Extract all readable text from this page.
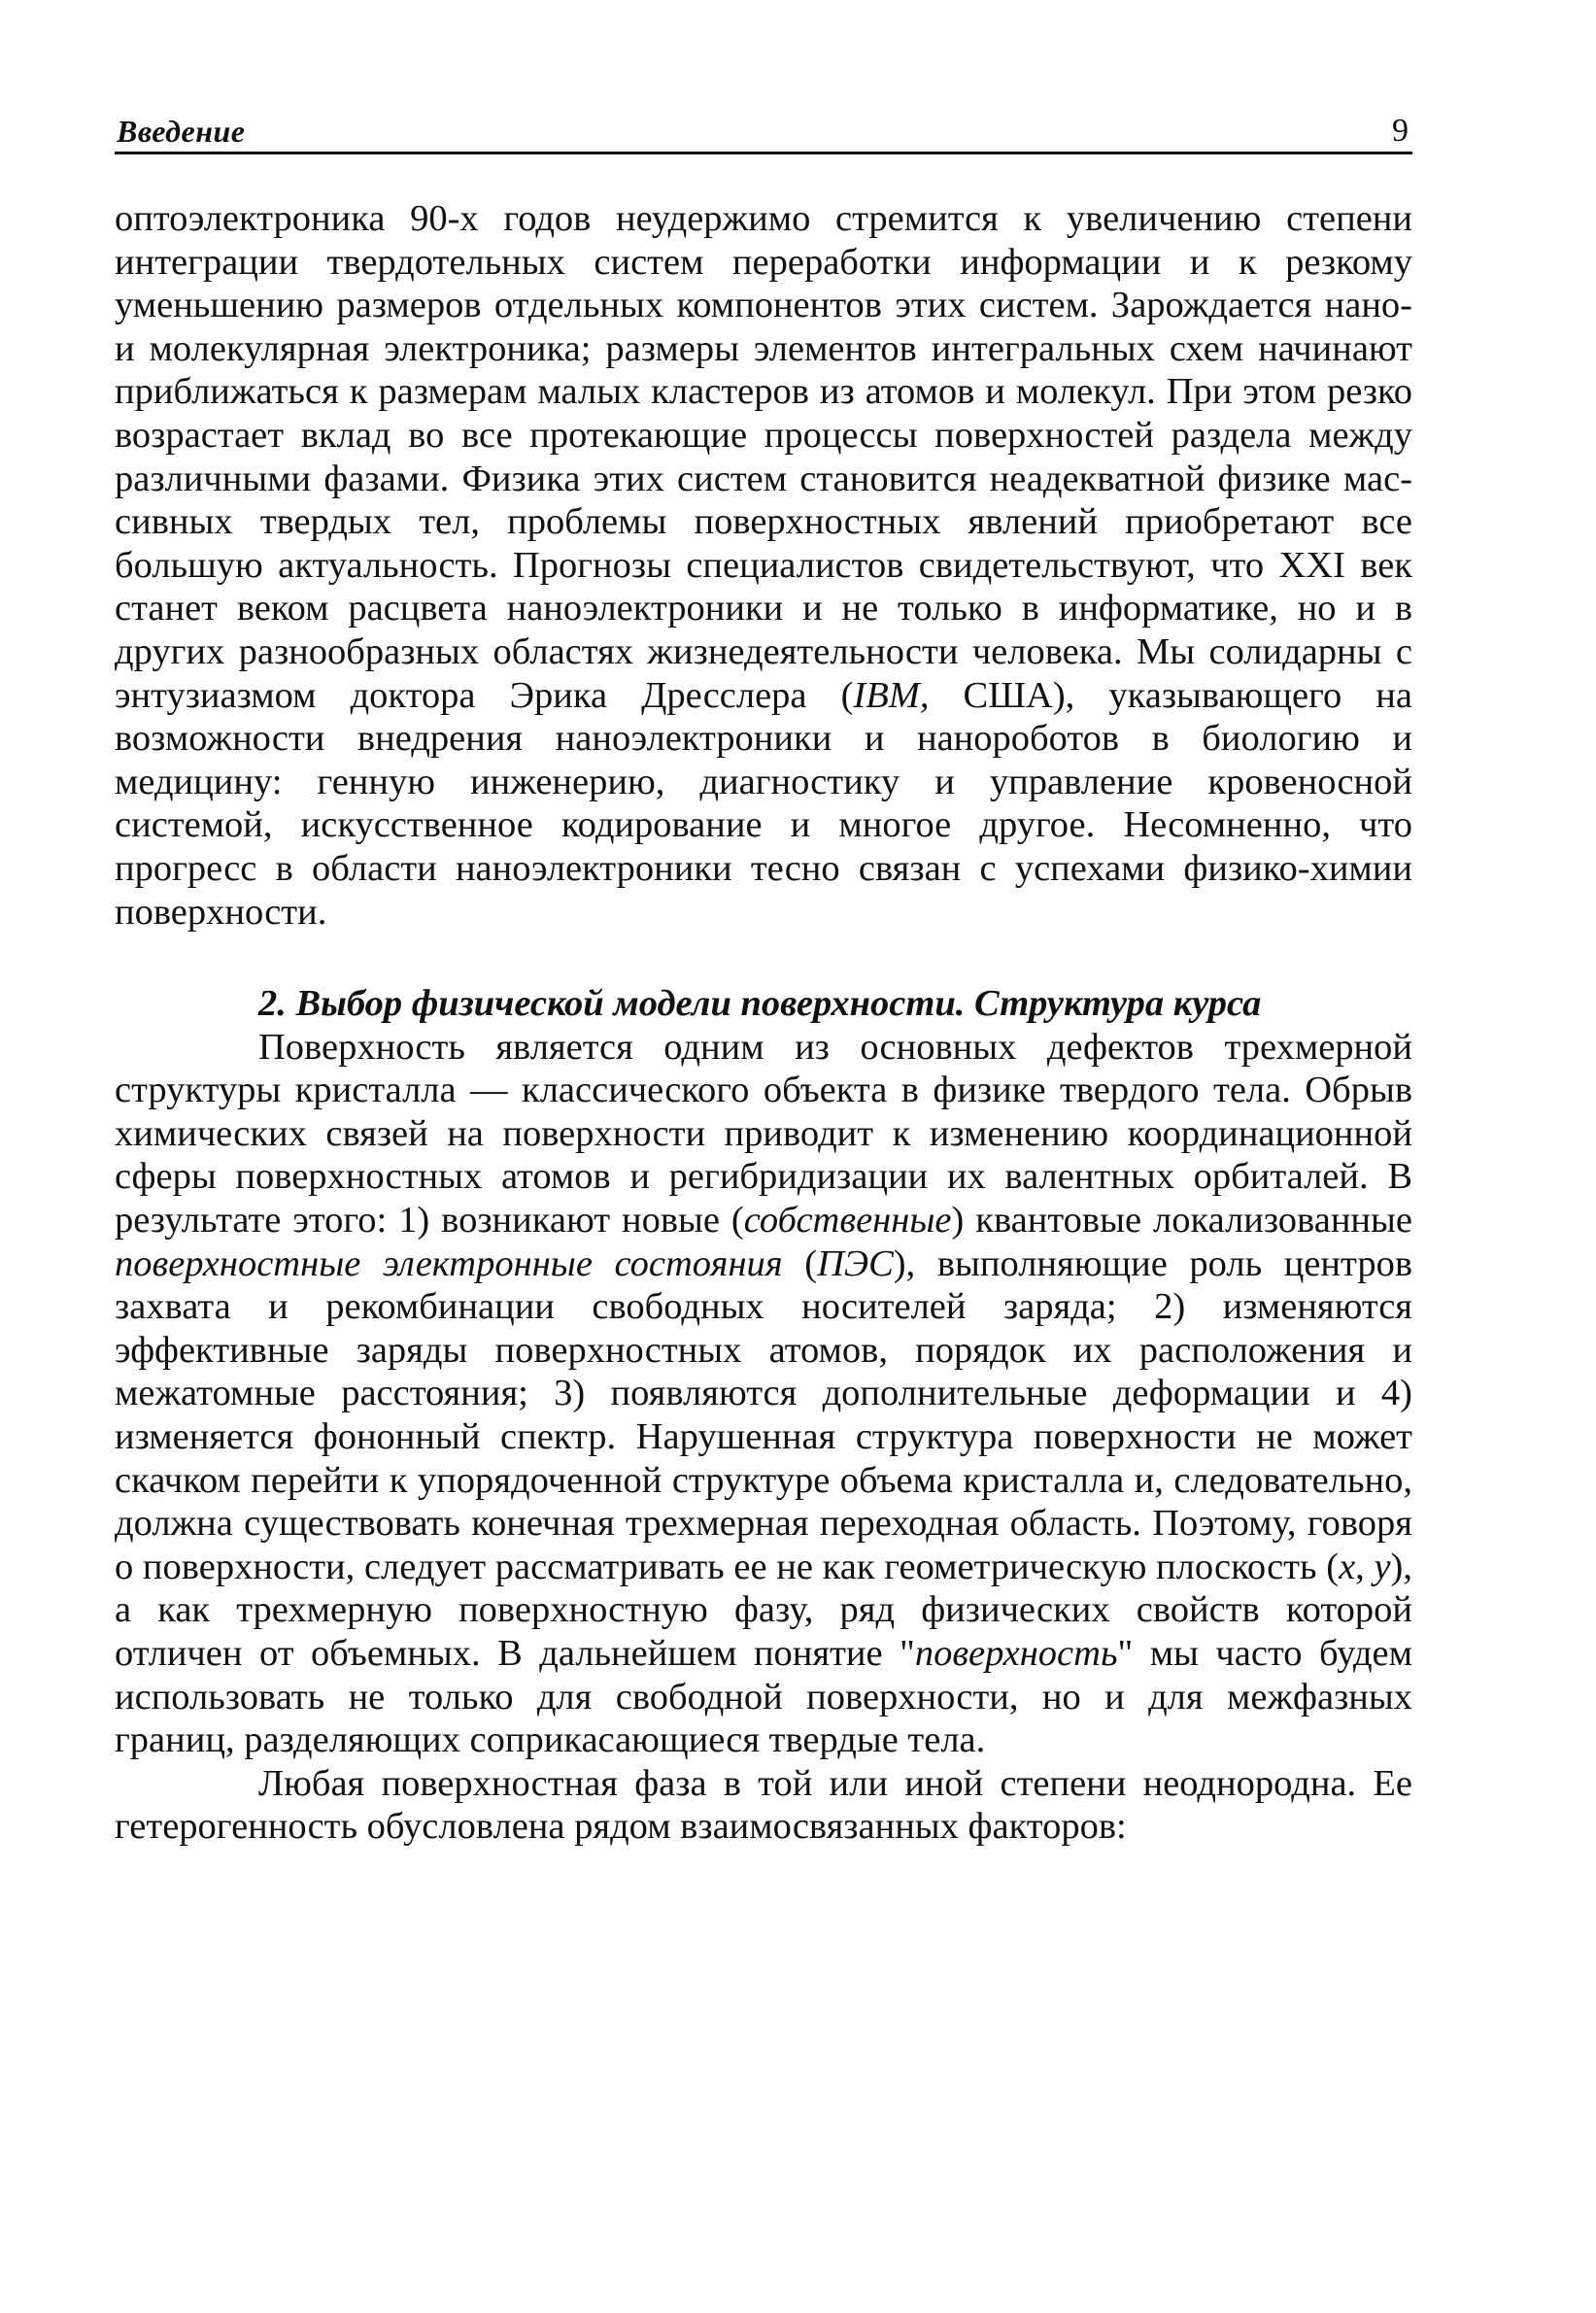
Введение	9

оптоэлектроника 90-х годов неудержимо стремится к увеличению степени интеграции твердотельных систем переработки информации и к резкому уменьшению размеров отдельных компонентов этих систем. Зарождается нано- и молекулярная электроника; размеры элементов интегральных схем начинают приближаться к размерам малых кластеров из атомов и молекул. При этом резко возрастает вклад во все протекающие процессы поверхностей раздела между различными фазами. Физика этих систем становится неадекватной физике массивных твердых тел, проблемы поверхностных явлений приобретают все большую актуальность. Прогнозы специалистов свидетельствуют, что XXI век станет веком расцвета наноэлектроники и не только в информатике, но и в других разнообразных областях жизнедеятельности человека. Мы солидарны с энтузиазмом доктора Эрика Дресслера (IBM, США), указывающего на возможности внедрения наноэлектроники и нанороботов в биологию и медицину: генную инженерию, диагностику и управление кровеносной системой, искусственное кодирование и многое другое. Несомненно, что прогресс в области наноэлектроники тесно связан с успехами физико-химии поверхности.

2. Выбор физической модели поверхности. Структура курса

Поверхность является одним из основных дефектов трехмерной структуры кристалла — классического объекта в физике твердого тела. Обрыв химических связей на поверхности приводит к изменению координационной сферы поверхностных атомов и регибридизации их валентных орбиталей. В результате этого: 1) возникают новые (собственные) квантовые локализованные поверхностные электронные состояния (ПЭС), выполняющие роль центров захвата и рекомбинации свободных носителей заряда; 2) изменяются эффективные заряды поверхностных атомов, порядок их расположения и межатомные расстояния; 3) появляются дополнительные деформации и 4) изменяется фононный спектр. Нарушенная структура поверхности не может скачком перейти к упорядоченной структуре объема кристалла и, следовательно, должна существовать конечная трехмерная переходная область. Поэтому, говоря о поверхности, следует рассматривать ее не как геометрическую плоскость (x, y), а как трехмерную поверхностную фазу, ряд физических свойств которой отличен от объемных. В дальнейшем понятие "поверхность" мы часто будем использовать не только для свободной поверхности, но и для межфазных границ, разделяющих соприкасающиеся твердые тела.

Любая поверхностная фаза в той или иной степени неоднородна. Ее гетерогенность обусловлена рядом взаимосвязанных факторов:
